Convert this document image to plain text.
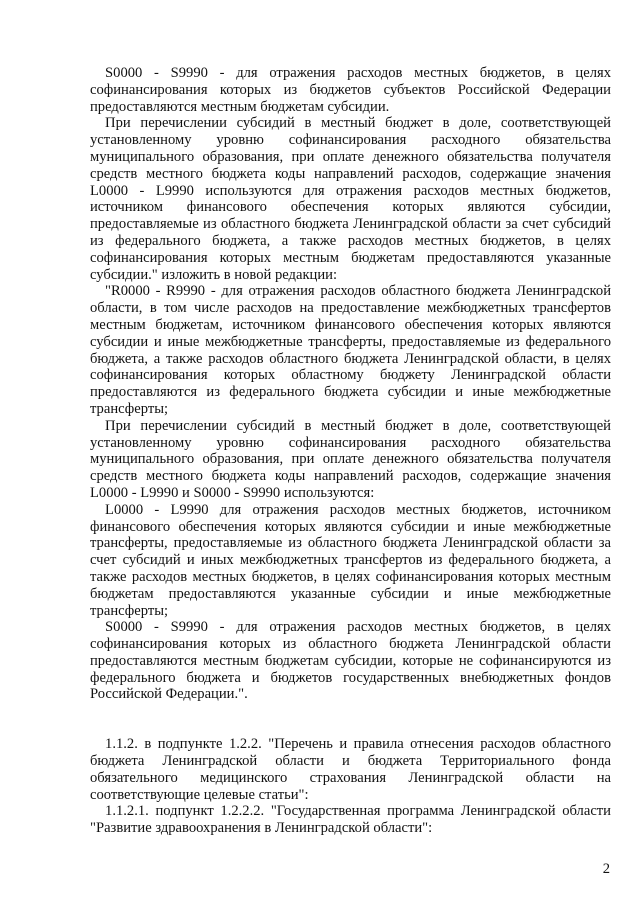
S0000 - S9990 - для отражения расходов местных бюджетов, в целях софинансирования которых из бюджетов субъектов Российской Федерации предоставляются местным бюджетам субсидии.

При перечислении субсидий в местный бюджет в доле, соответствующей установленному уровню софинансирования расходного обязательства муниципального образования, при оплате денежного обязательства получателя средств местного бюджета коды направлений расходов, содержащие значения L0000 - L9990 используются для отражения расходов местных бюджетов, источником финансового обеспечения которых являются субсидии, предоставляемые из областного бюджета Ленинградской области за счет субсидий из федерального бюджета, а также расходов местных бюджетов, в целях софинансирования которых местным бюджетам предоставляются указанные субсидии." изложить в новой редакции:

"R0000 - R9990 - для отражения расходов областного бюджета Ленинградской области, в том числе расходов на предоставление межбюджетных трансфертов местным бюджетам, источником финансового обеспечения которых являются субсидии и иные межбюджетные трансферты, предоставляемые из федерального бюджета, а также расходов областного бюджета Ленинградской области, в целях софинансирования которых областному бюджету Ленинградской области предоставляются из федерального бюджета субсидии и иные межбюджетные трансферты;

При перечислении субсидий в местный бюджет в доле, соответствующей установленному уровню софинансирования расходного обязательства муниципального образования, при оплате денежного обязательства получателя средств местного бюджета коды направлений расходов, содержащие значения L0000 - L9990 и S0000 - S9990 используются:

L0000 - L9990 для отражения расходов местных бюджетов, источником финансового обеспечения которых являются субсидии и иные межбюджетные трансферты, предоставляемые из областного бюджета Ленинградской области за счет субсидий и иных межбюджетных трансфертов из федерального бюджета, а также расходов местных бюджетов, в целях софинансирования которых местным бюджетам предоставляются указанные субсидии и иные межбюджетные трансферты;

S0000 - S9990 - для отражения расходов местных бюджетов, в целях софинансирования которых из областного бюджета Ленинградской области предоставляются местным бюджетам субсидии, которые не софинансируются из федерального бюджета и бюджетов государственных внебюджетных фондов Российской Федерации.".

1.1.2. в подпункте 1.2.2. "Перечень и правила отнесения расходов областного бюджета Ленинградской области и бюджета Территориального фонда обязательного медицинского страхования Ленинградской области на соответствующие целевые статьи":

1.1.2.1. подпункт 1.2.2.2. "Государственная программа Ленинградской области "Развитие здравоохранения в Ленинградской области":

2
